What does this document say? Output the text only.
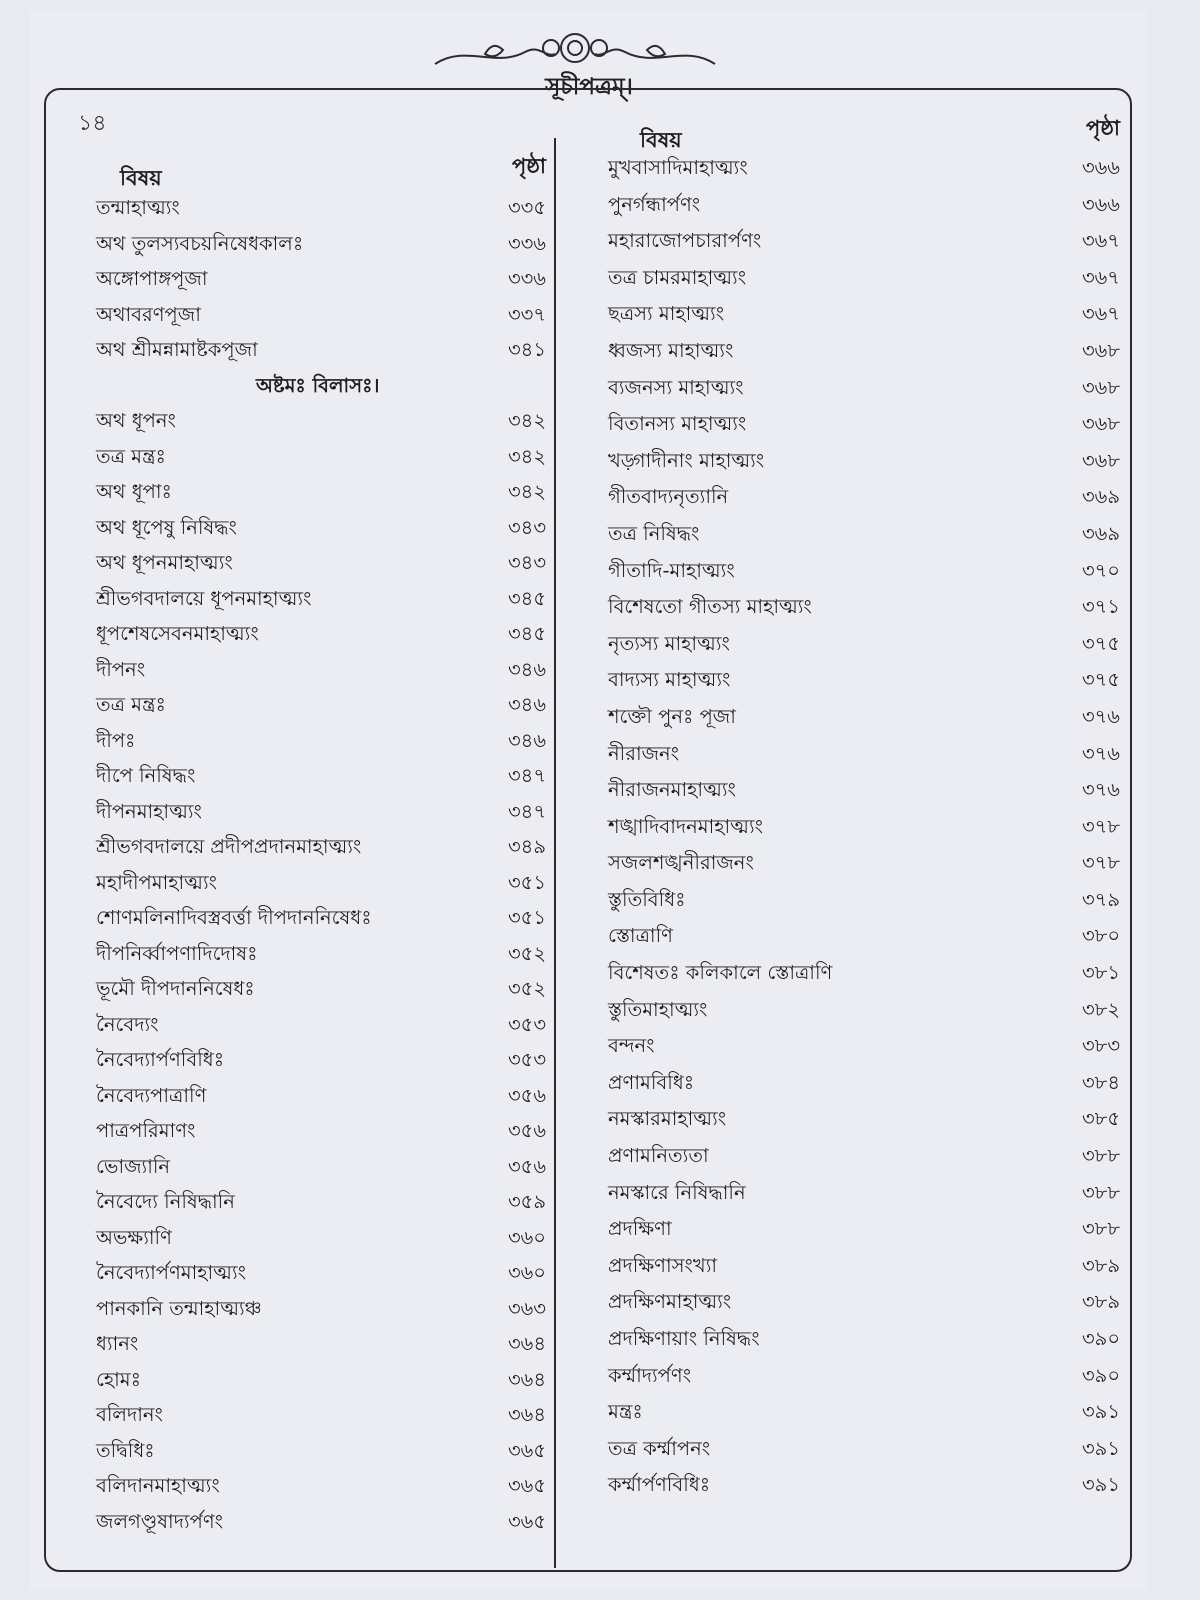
সূচীপত্রম্।
১৪
বিষয়	পৃষ্ঠা
তন্মাহাত্ম্যং	৩৩৫
অথ তুলস্যবচয়নিষেধকালঃ	৩৩৬
অঙ্গোপাঙ্গপূজা	৩৩৬
অথাবরণপূজা	৩৩৭
অথ শ্রীমন্নামাষ্টকপূজা	৩৪১
অষ্টমঃ বিলাসঃ।
অথ ধূপনং	৩৪২
তত্র মন্ত্রঃ	৩৪২
অথ ধূপাঃ	৩৪২
অথ ধূপেষু নিষিদ্ধং	৩৪৩
অথ ধূপনমাহাত্ম্যং	৩৪৩
শ্রীভগবদালয়ে ধূপনমাহাত্ম্যং	৩৪৫
ধূপশেষসেবনমাহাত্ম্যং	৩৪৫
দীপনং	৩৪৬
তত্র মন্ত্রঃ	৩৪৬
দীপঃ	৩৪৬
দীপে নিষিদ্ধং	৩৪৭
দীপনমাহাত্ম্যং	৩৪৭
শ্রীভগবদালয়ে প্রদীপপ্রদানমাহাত্ম্যং	৩৪৯
মহাদীপমাহাত্ম্যং	৩৫১
শোণমলিনাদিবস্ত্রবর্ত্তা দীপদাননিষেধঃ	৩৫১
দীপনির্ব্বাপণাদিদোষঃ	৩৫২
ভূমৌ দীপদাননিষেধঃ	৩৫২
নৈবেদ্যং	৩৫৩
নৈবেদ্যার্পণবিধিঃ	৩৫৩
নৈবেদ্যপাত্রাণি	৩৫৬
পাত্রপরিমাণং	৩৫৬
ভোজ্যানি	৩৫৬
নৈবেদ্যে নিষিদ্ধানি	৩৫৯
অভক্ষ্যাণি	৩৬০
নৈবেদ্যার্পণমাহাত্ম্যং	৩৬০
পানকানি তন্মাহাত্ম্যঞ্চ	৩৬৩
ধ্যানং	৩৬৪
হোমঃ	৩৬৪
বলিদানং	৩৬৪
তদ্বিধিঃ	৩৬৫
বলিদানমাহাত্ম্যং	৩৬৫
জলগণ্ডূষাদ্যর্পণং	৩৬৫
বিষয়	পৃষ্ঠা
মুখবাসাদিমাহাত্ম্যং	৩৬৬
পুনর্গন্ধার্পণং	৩৬৬
মহারাজোপচারার্পণং	৩৬৭
তত্র চামরমাহাত্ম্যং	৩৬৭
ছত্রস্য মাহাত্ম্যং	৩৬৭
ধ্বজস্য মাহাত্ম্যং	৩৬৮
ব্যজনস্য মাহাত্ম্যং	৩৬৮
বিতানস্য মাহাত্ম্যং	৩৬৮
খড়্গাদীনাং মাহাত্ম্যং	৩৬৮
গীতবাদ্যনৃত্যানি	৩৬৯
তত্র নিষিদ্ধং	৩৬৯
গীতাদি-মাহাত্ম্যং	৩৭০
বিশেষতো গীতস্য মাহাত্ম্যং	৩৭১
নৃত্যস্য মাহাত্ম্যং	৩৭৫
বাদ্যস্য মাহাত্ম্যং	৩৭৫
শক্তৌ পুনঃ পূজা	৩৭৬
নীরাজনং	৩৭৬
নীরাজনমাহাত্ম্যং	৩৭৬
শঙ্খাদিবাদনমাহাত্ম্যং	৩৭৮
সজলশঙ্খনীরাজনং	৩৭৮
স্তুতিবিধিঃ	৩৭৯
স্তোত্রাণি	৩৮০
বিশেষতঃ কলিকালে স্তোত্রাণি	৩৮১
স্তুতিমাহাত্ম্যং	৩৮২
বন্দনং	৩৮৩
প্রণামবিধিঃ	৩৮৪
নমস্কারমাহাত্ম্যং	৩৮৫
প্রণামনিত্যতা	৩৮৮
নমস্কারে নিষিদ্ধানি	৩৮৮
প্রদক্ষিণা	৩৮৮
প্রদক্ষিণাসংখ্যা	৩৮৯
প্রদক্ষিণমাহাত্ম্যং	৩৮৯
প্রদক্ষিণায়াং নিষিদ্ধং	৩৯০
কর্ম্মাদ্যর্পণং	৩৯০
মন্ত্রঃ	৩৯১
তত্র কর্ম্মাপনং	৩৯১
কর্ম্মার্পণবিধিঃ	৩৯১
